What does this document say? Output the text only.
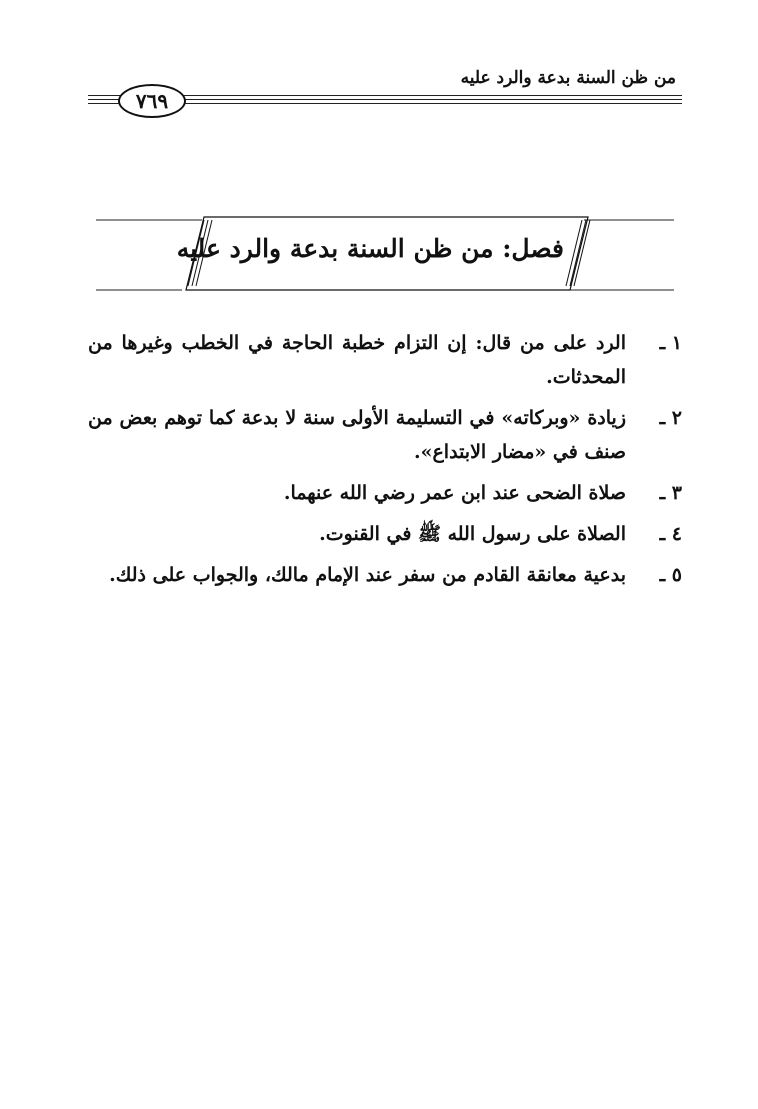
من ظن السنة بدعة والرد عليه
٧٦٩
فصل: من ظن السنة بدعة والرد عليه
١ ـ
الرد على من قال: إن التزام خطبة الحاجة في الخطب وغيرها من المحدثات.
٢ ـ
زيادة «وبركاته» في التسليمة الأولى سنة لا بدعة كما توهم بعض من صنف في «مضار الابتداع».
٣ ـ
صلاة الضحى عند ابن عمر رضي الله عنهما.
٤ ـ
الصلاة على رسول الله ﷺ في القنوت.
٥ ـ
بدعية معانقة القادم من سفر عند الإمام مالك، والجواب على ذلك.
